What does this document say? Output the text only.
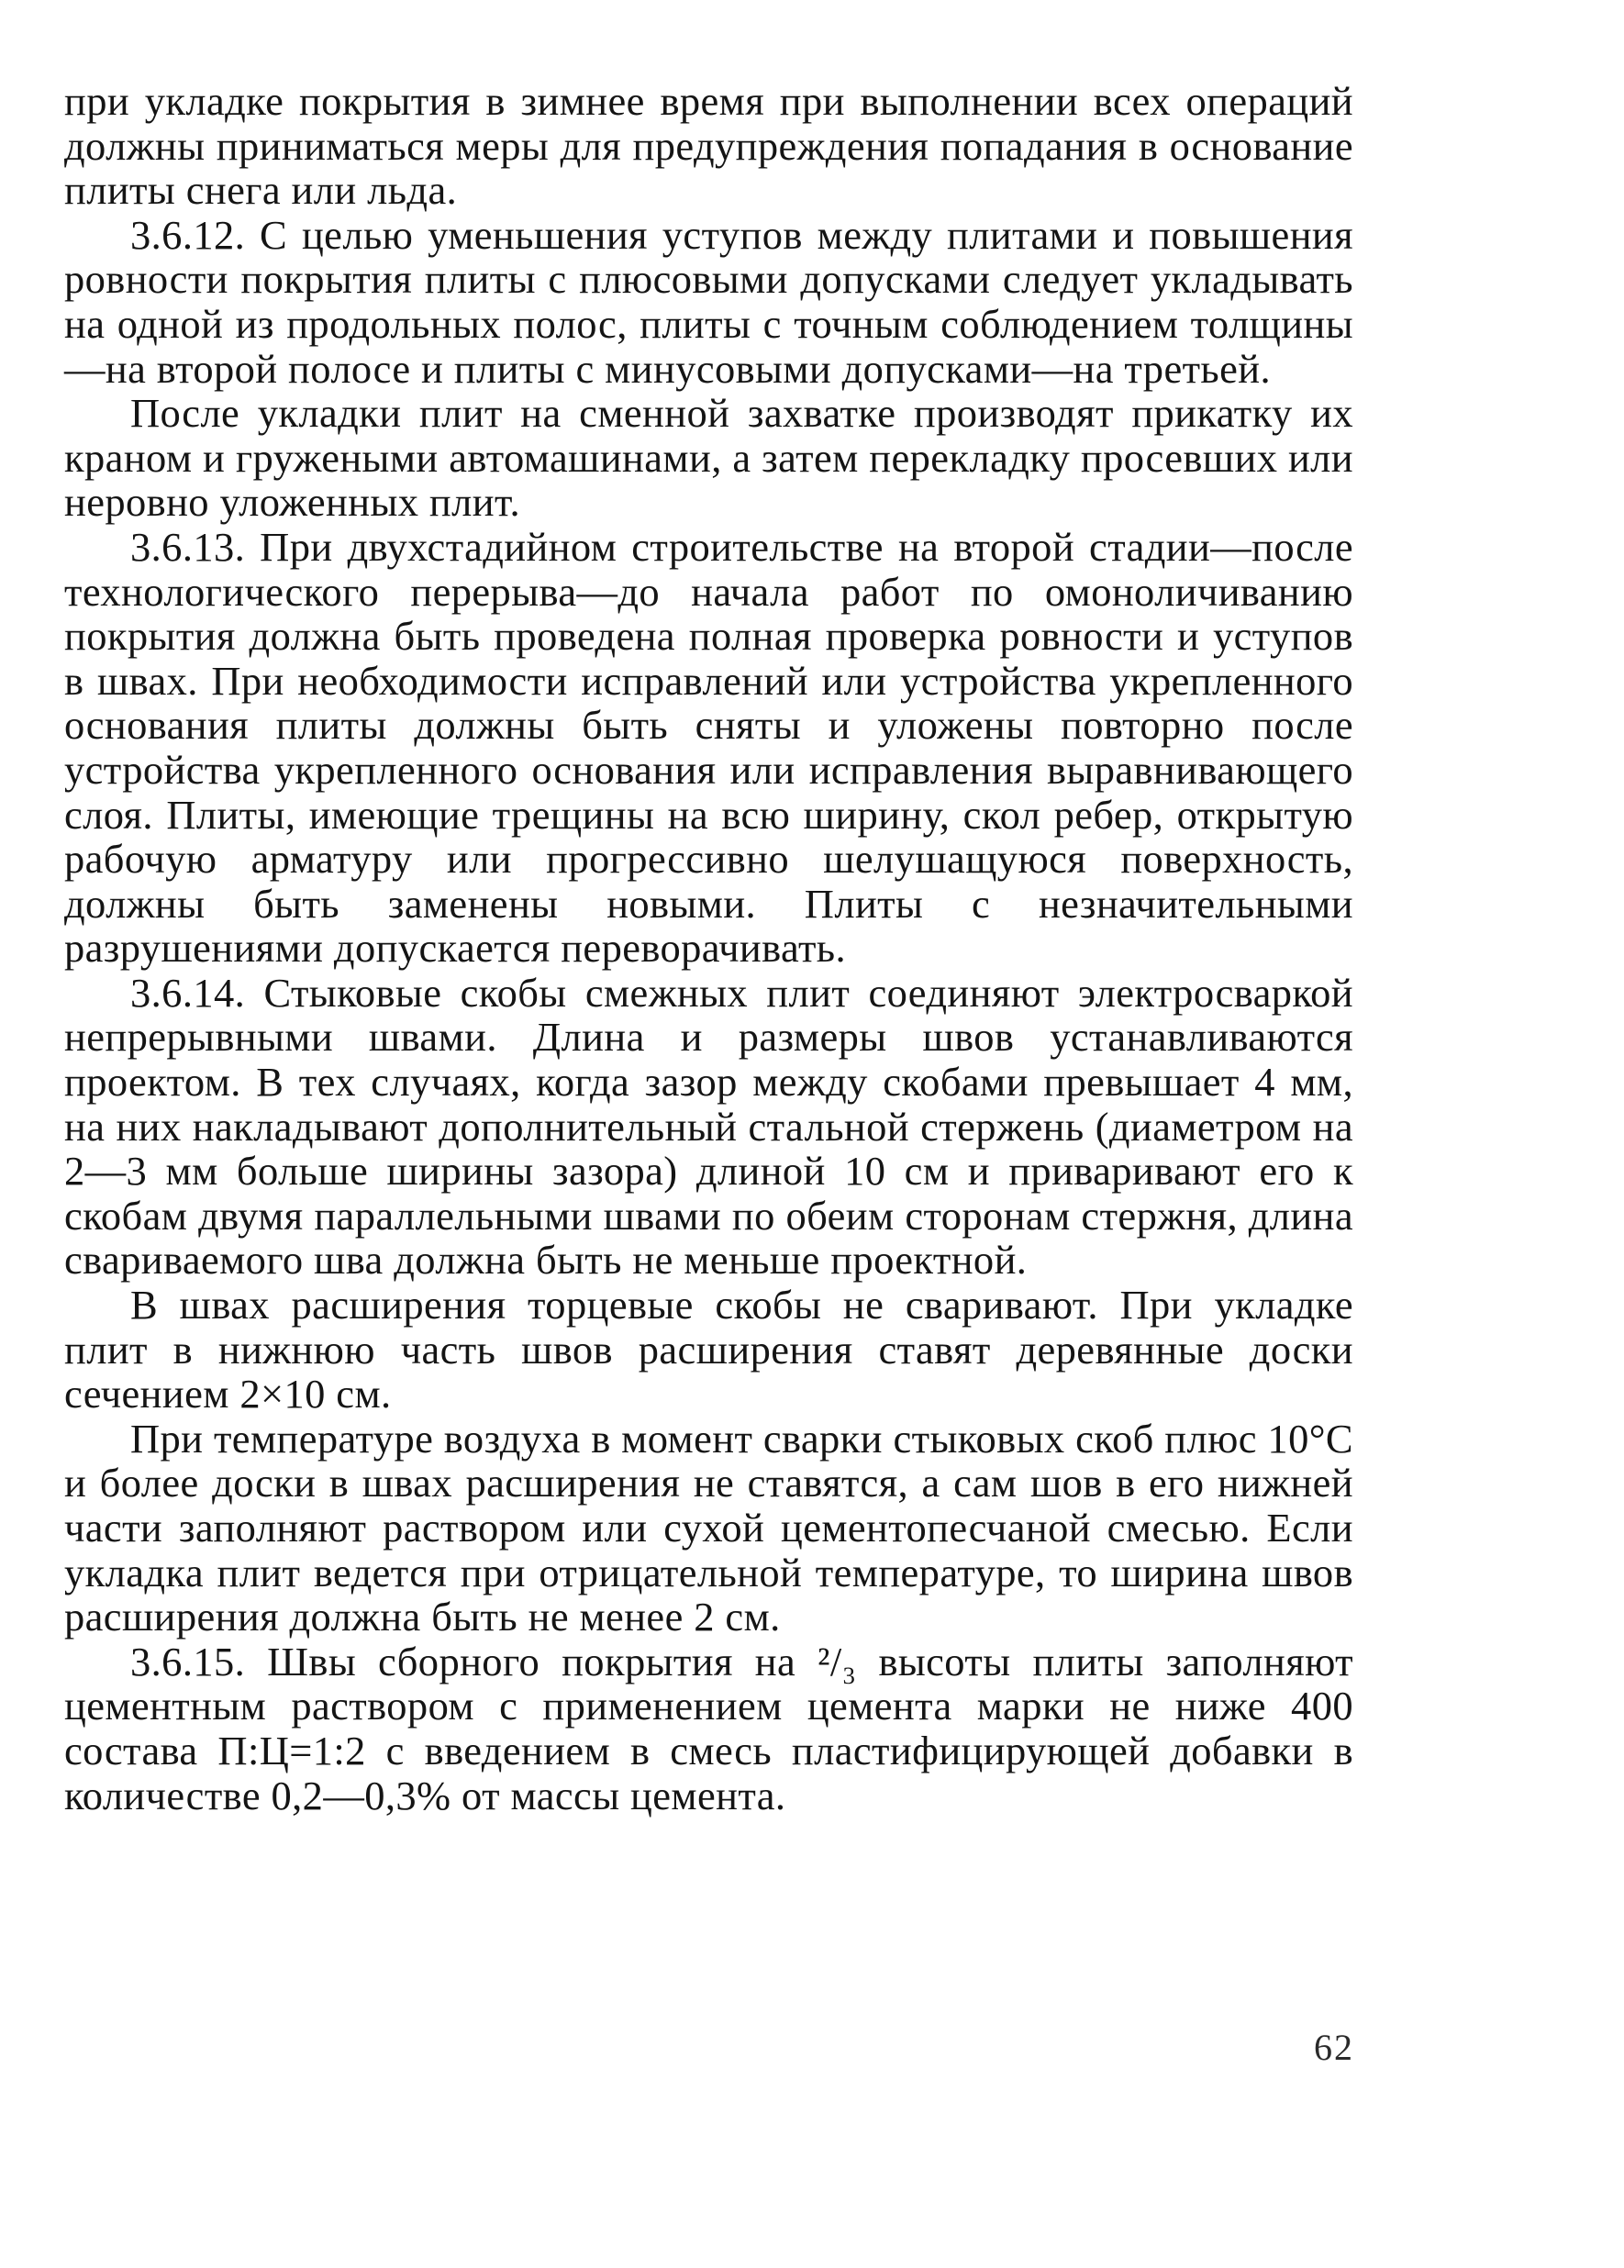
при укладке покрытия в зимнее время при выполнении всех операций должны приниматься меры для предупреждения попадания в основание плиты снега или льда.

3.6.12. С целью уменьшения уступов между плитами и повышения ровности покрытия плиты с плюсовыми допусками следует укладывать на одной из продольных полос, плиты с точным соблюдением толщины—на второй полосе и плиты с минусовыми допусками—на третьей.

После укладки плит на сменной захватке производят прикатку их краном и гружеными автомашинами, а затем перекладку просевших или неровно уложенных плит.

3.6.13. При двухстадийном строительстве на второй стадии—после технологического перерыва—до начала работ по омоноличиванию покрытия должна быть проведена полная проверка ровности и уступов в швах. При необходимости исправлений или устройства укрепленного основания плиты должны быть сняты и уложены повторно после устройства укрепленного основания или исправления выравнивающего слоя. Плиты, имеющие трещины на всю ширину, скол ребер, открытую рабочую арматуру или прогрессивно шелушащуюся поверхность, должны быть заменены новыми. Плиты с незначительными разрушениями допускается переворачивать.

3.6.14. Стыковые скобы смежных плит соединяют электросваркой непрерывными швами. Длина и размеры швов устанавливаются проектом. В тех случаях, когда зазор между скобами превышает 4 мм, на них накладывают дополнительный стальной стержень (диаметром на 2—3 мм больше ширины зазора) длиной 10 см и приваривают его к скобам двумя параллельными швами по обеим сторонам стержня, длина свариваемого шва должна быть не меньше проектной.

В швах расширения торцевые скобы не сваривают. При укладке плит в нижнюю часть швов расширения ставят деревянные доски сечением 2×10 см.

При температуре воздуха в момент сварки стыковых скоб плюс 10°С и более доски в швах расширения не ставятся, а сам шов в его нижней части заполняют раствором или сухой цементопесчаной смесью. Если укладка плит ведется при отрицательной температуре, то ширина швов расширения должна быть не менее 2 см.

3.6.15. Швы сборного покрытия на ²/₃ высоты плиты заполняют цементным раствором с применением цемента марки не ниже 400 состава П:Ц=1:2 с введением в смесь пластифицирующей добавки в количестве 0,2—0,3% от массы цемента.

62
